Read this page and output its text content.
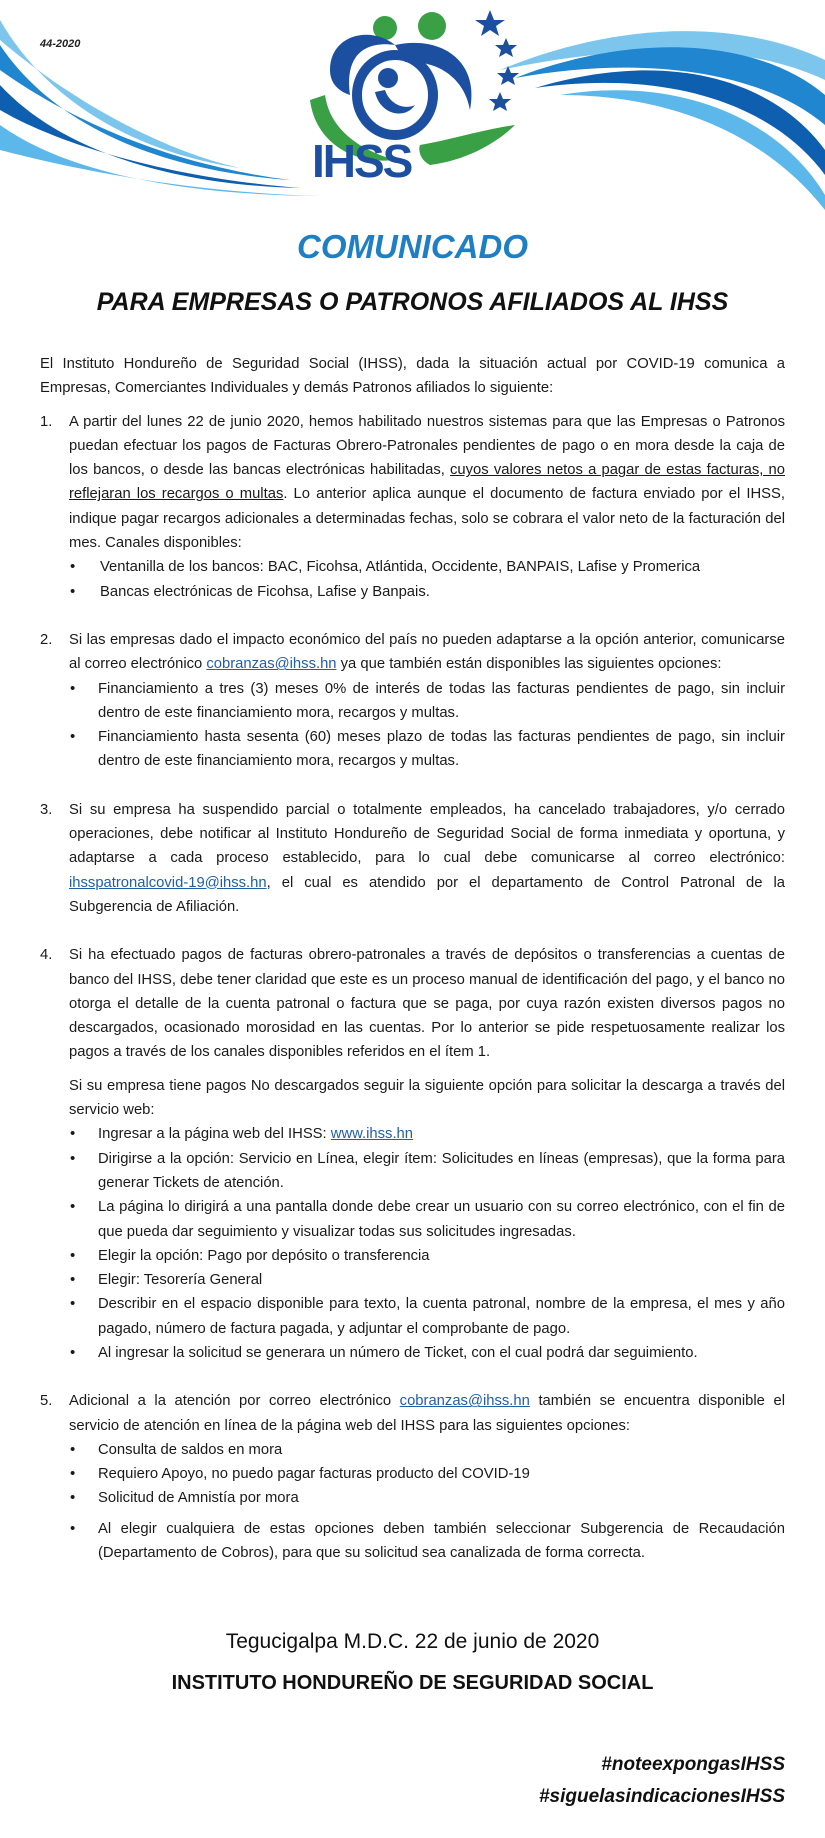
44-2020
IHSS
COMUNICADO
PARA EMPRESAS O PATRONOS AFILIADOS AL IHSS

El Instituto Hondureño de Seguridad Social (IHSS), dada la situación actual por COVID-19 comunica a Empresas, Comerciantes Individuales y demás Patronos afiliados lo siguiente:

1. A partir del lunes 22 de junio 2020, hemos habilitado nuestros sistemas para que las Empresas o Patronos puedan efectuar los pagos de Facturas Obrero-Patronales pendientes de pago o en mora desde la caja de los bancos, o desde las bancas electrónicas habilitadas, cuyos valores netos a pagar de estas facturas, no reflejaran los recargos o multas. Lo anterior aplica aunque el documento de factura enviado por el IHSS, indique pagar recargos adicionales a determinadas fechas, solo se cobrara el valor neto de la facturación del mes. Canales disponibles:

• Ventanilla de los bancos: BAC, Ficohsa, Atlántida, Occidente, BANPAIS, Lafise y Promerica
• Bancas electrónicas de Ficohsa, Lafise y Banpais.
2. Si las empresas dado el impacto económico del país no pueden adaptarse a la opción anterior, comunicarse al correo electrónico cobranzas@ihss.hn ya que también están disponibles las siguientes opciones:

• Financiamiento a tres (3) meses 0% de interés de todas las facturas pendientes de pago, sin incluir dentro de este financiamiento mora, recargos y multas.
• Financiamiento hasta sesenta (60) meses plazo de todas las facturas pendientes de pago, sin incluir dentro de este financiamiento mora, recargos y multas.
3. Si su empresa ha suspendido parcial o totalmente empleados, ha cancelado trabajadores, y/o cerrado operaciones, debe notificar al Instituto Hondureño de Seguridad Social de forma inmediata y oportuna, y adaptarse a cada proceso establecido, para lo cual debe comunicarse al correo electrónico: ihsspatronalcovid-19@ihss.hn, el cual es atendido por el departamento de Control Patronal de la Subgerencia de Afiliación.

4. Si ha efectuado pagos de facturas obrero-patronales a través de depósitos o transferencias a cuentas de banco del IHSS, debe tener claridad que este es un proceso manual de identificación del pago, y el banco no otorga el detalle de la cuenta patronal o factura que se paga, por cuya razón existen diversos pagos no descargados, ocasionado morosidad en las cuentas. Por lo anterior se pide respetuosamente realizar los pagos a través de los canales disponibles referidos en el ítem 1.

Si su empresa tiene pagos No descargados seguir la siguiente opción para solicitar la descarga a través del servicio web:

• Ingresar a la página web del IHSS: www.ihss.hn
• Dirigirse a la opción: Servicio en Línea, elegir ítem: Solicitudes en líneas (empresas), que la forma para generar Tickets de atención.
• La página lo dirigirá a una pantalla donde debe crear un usuario con su correo electrónico, con el fin de que pueda dar seguimiento y visualizar todas sus solicitudes ingresadas.
• Elegir la opción: Pago por depósito o transferencia
• Elegir: Tesorería General
• Describir en el espacio disponible para texto, la cuenta patronal, nombre de la empresa, el mes y año pagado, número de factura pagada, y adjuntar el comprobante de pago.
• Al ingresar la solicitud se generara un número de Ticket, con el cual podrá dar seguimiento.
5. Adicional a la atención por correo electrónico cobranzas@ihss.hn también se encuentra disponible el servicio de atención en línea de la página web del IHSS para las siguientes opciones:

• Consulta de saldos en mora
• Requiero Apoyo, no puedo pagar facturas producto del COVID-19
• Solicitud de Amnistía por mora
• Al elegir cualquiera de estas opciones deben también seleccionar Subgerencia de Recaudación (Departamento de Cobros), para que su solicitud sea canalizada de forma correcta.
Tegucigalpa M.D.C. 22 de junio de 2020
INSTITUTO HONDUREÑO DE SEGURIDAD SOCIAL
#noteexpongasIHSS
#siguelasindicacionesIHSS
